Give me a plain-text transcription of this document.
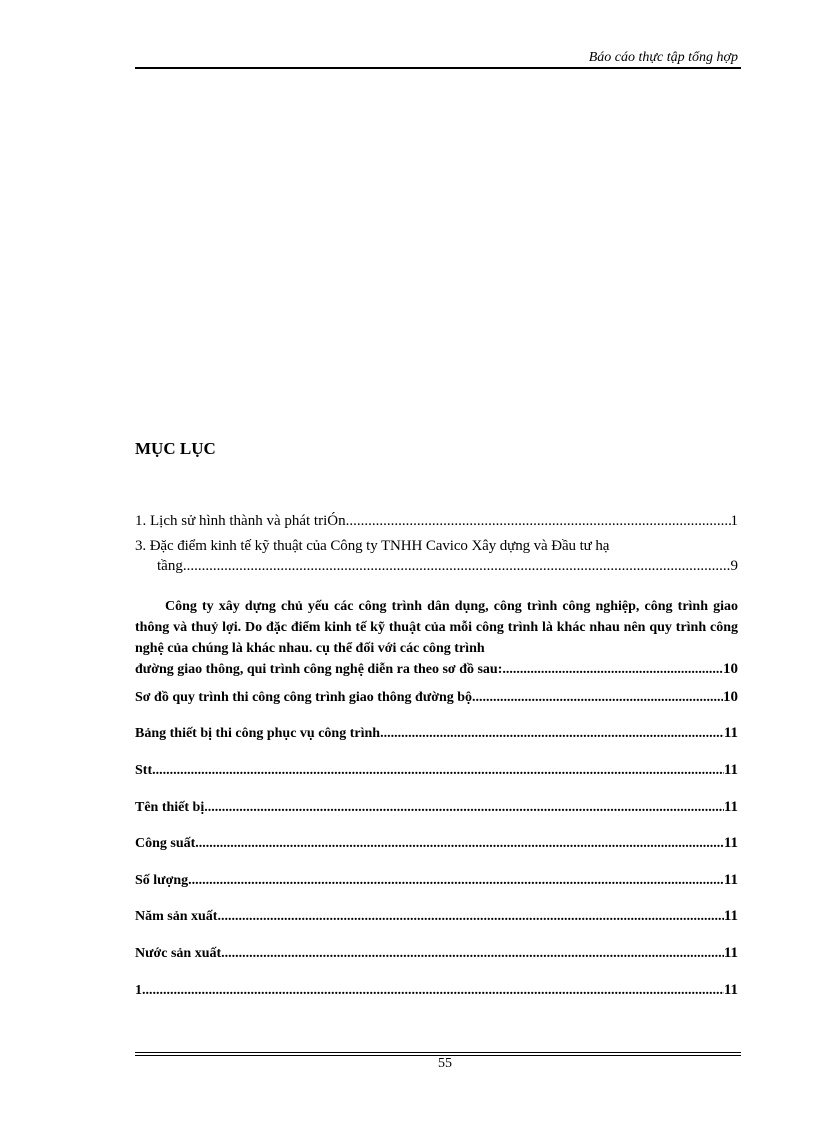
Báo cáo thực tập tổng hợp
MỤC LỤC
1. Lịch sử hình thành và phát triÓn .....	1
3. Đặc điểm kinh tế kỹ thuật của Công ty TNHH Cavico Xây dựng và Đầu tư hạ
tầng .....	9
Công ty xây dựng chủ yếu các công trình dân dụng, công trình công nghiệp, công trình giao thông và thuỷ lợi. Do đặc điểm kinh tế kỹ thuật của mỗi công trình là khác nhau nên quy trình công nghệ của chúng là khác nhau. cụ thể đối với các công trình
đường giao thông, qui trình công nghệ diễn ra theo sơ đồ sau: .....	10
Sơ đồ quy trình thi công công trình giao thông đường bộ .....	10
Bảng thiết bị thi công phục vụ công trình .....	11
Stt .....	11
Tên thiết bị .....	11
Công suất .....	11
Số lượng .....	11
Năm sản xuất .....	11
Nước sản xuất .....	11
1 .....	11
55
